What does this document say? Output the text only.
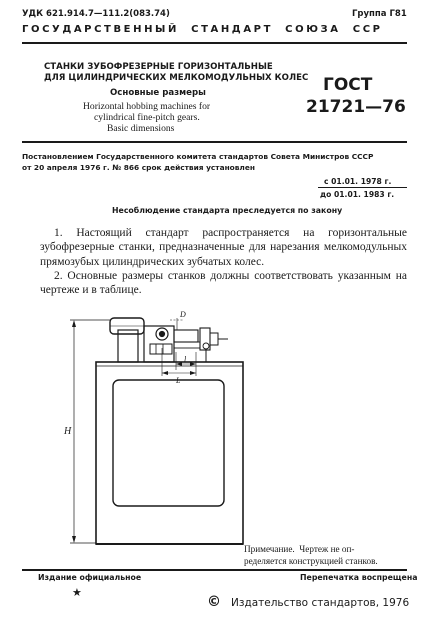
УДК 621.914.7—111.2(083.74)	Группа Г81
ГОСУДАРСТВЕННЫЙ  СТАНДАРТ  СОЮЗА  ССР
СТАНКИ ЗУБОФРЕЗЕРНЫЕ ГОРИЗОНТАЛЬНЫЕ
ДЛЯ ЦИЛИНДРИЧЕСКИХ МЕЛКОМОДУЛЬНЫХ КОЛЕС
Основные размеры
Horizontal hobbing machines for
cylindrical fine-pitch gears.
Basic dimensions
ГОСТ
21721—76
Постановлением Государственного комитета стандартов Совета Министров СССР
от 20 апреля 1976 г. № 866 срок действия установлен
с 01.01. 1978 г.
до 01.01. 1983 г.
Несоблюдение стандарта преследуется по закону
1. Настоящий стандарт распространяется на горизонтальные зубофрезерные станки, предназначенные для нарезания мелкомодульных прямозубых цилиндрических зубчатых колес.
2. Основные размеры станков должны соответствовать указанным на чертеже и в таблице.
H
D
l
L
Примечание.  Чертеж не оп-
ределяется конструкцией станков.
Издание официальное	Перепечатка воспрещена
★
© Издательство стандартов, 1976
